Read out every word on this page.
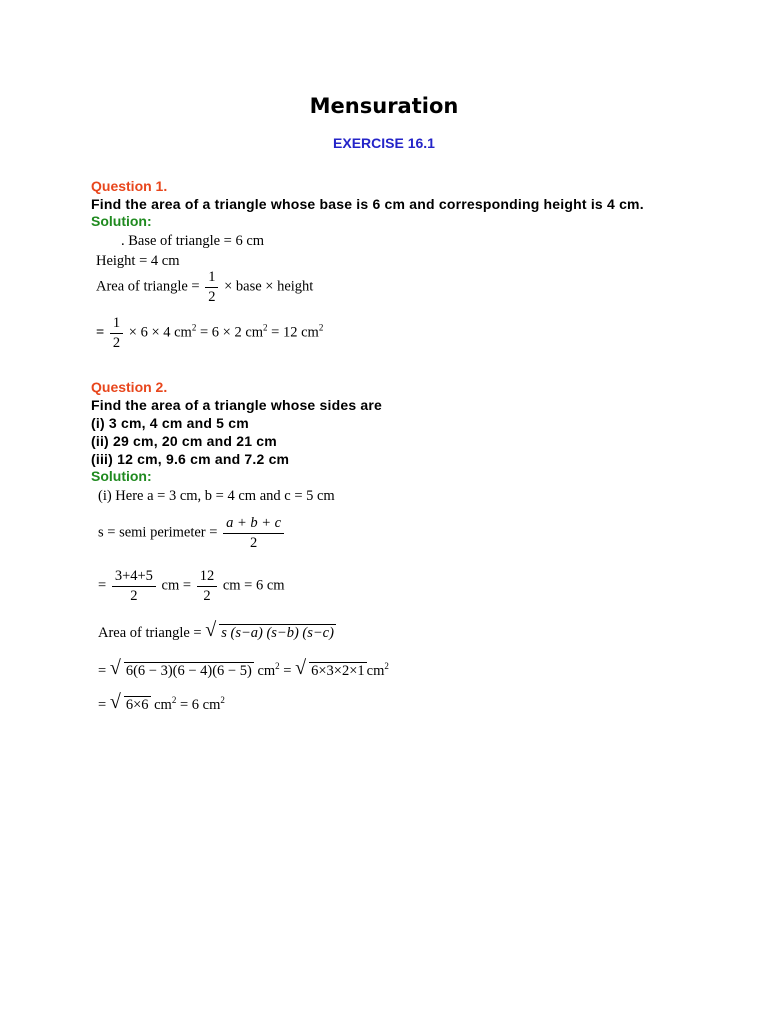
Mensuration
EXERCISE 16.1
Question 1.
Find the area of a triangle whose base is 6 cm and corresponding height is 4 cm.
Solution:
. Base of triangle = 6 cm
Height = 4 cm
Area of triangle = $\frac{1}{2}$ × base × height
= $\frac{1}{2} \times 6 \times 4$ $cm^2 = 6 \times 2$ $cm^2 = 12$ $cm^2$
Question 2.
Find the area of a triangle whose sides are
(i) 3 cm, 4 cm and 5 cm
(ii) 29 cm, 20 cm and 21 cm
(iii) 12 cm, 9.6 cm and 7.2 cm
Solution:
(i) Here a = 3 cm, b = 4 cm and c = 5 cm
s = semi perimeter = $\frac{a + b + c}{2}$
= $\frac{3+4+5}{2}$ cm = $\frac{12}{2}$ cm = 6 cm
Area of triangle = √ s (s−a) (s−b) (s−c)
= √ 6(6 − 3)(6 − 4)(6 − 5) $cm^2$ = √ 6×3×2×1 $cm^2$
= √ 6×6 $cm^2 = 6$ $cm^2$
